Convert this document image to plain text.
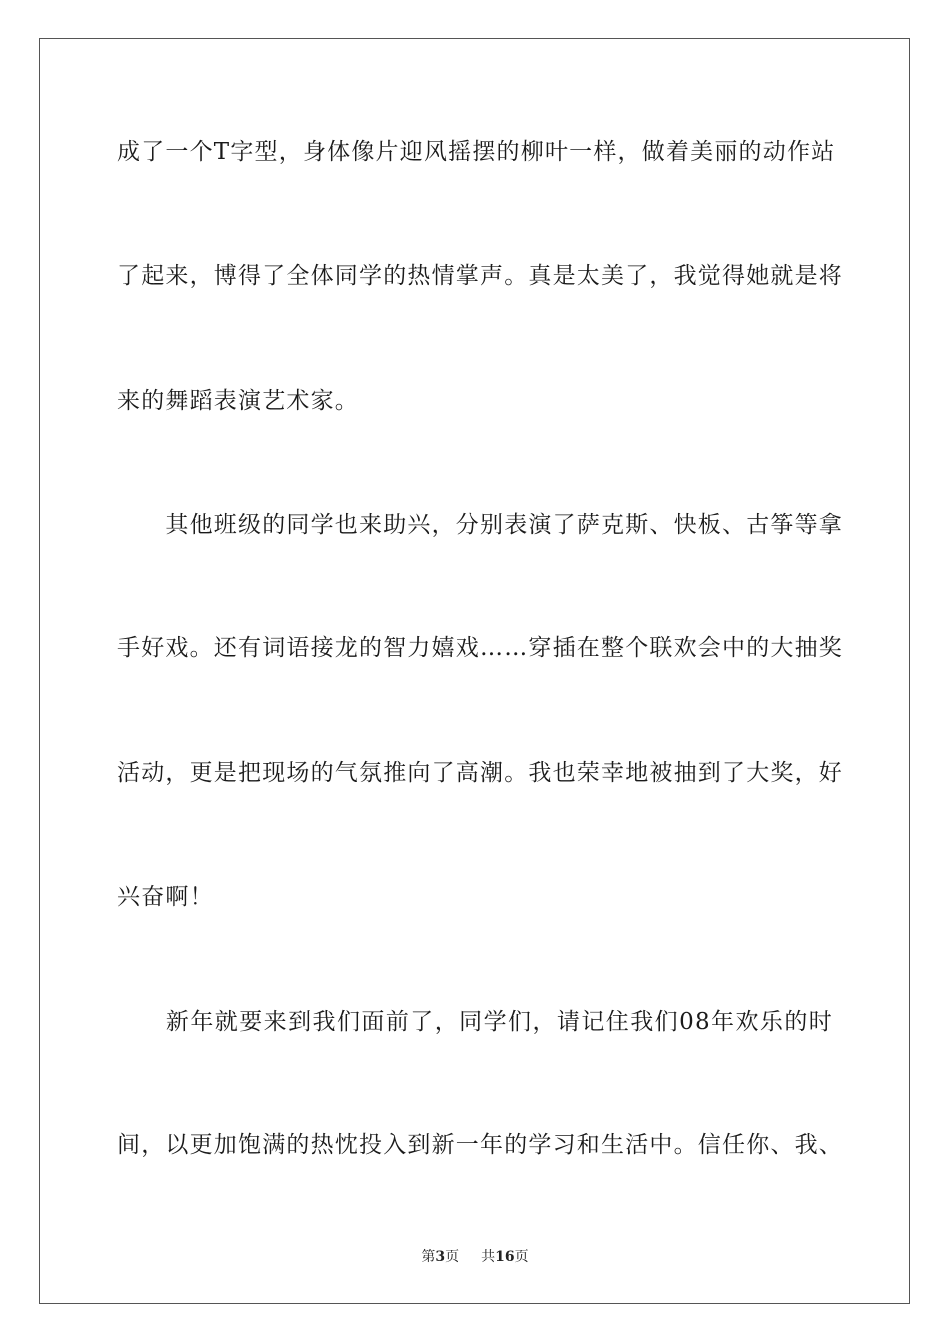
成了一个T字型，身体像片迎风摇摆的柳叶一样，做着美丽的动作站
了起来，博得了全体同学的热情掌声。真是太美了，我觉得她就是将
来的舞蹈表演艺术家。
　　其他班级的同学也来助兴，分别表演了萨克斯、快板、古筝等拿
手好戏。还有词语接龙的智力嬉戏……穿插在整个联欢会中的大抽奖
活动，更是把现场的气氛推向了高潮。我也荣幸地被抽到了大奖，好
兴奋啊！
　　新年就要来到我们面前了，同学们，请记住我们08年欢乐的时
间，以更加饱满的热忱投入到新一年的学习和生活中。信任你、我、
第3页 共16页
